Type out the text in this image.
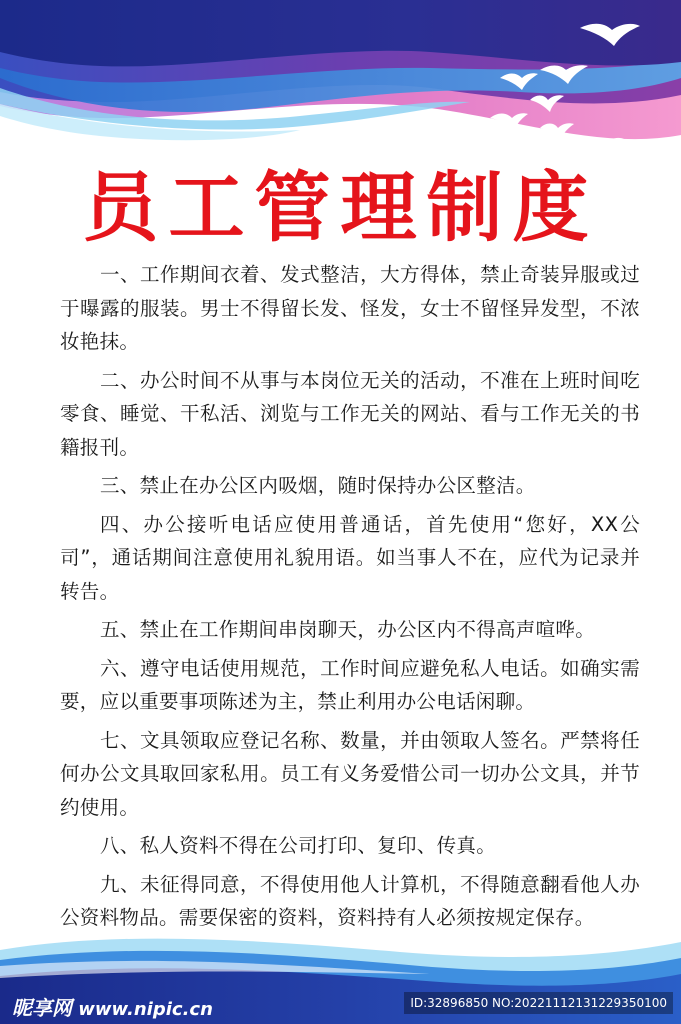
员工管理制度

一、工作期间衣着、发式整洁，大方得体，禁止奇装异服或过于曝露的服装。男士不得留长发、怪发，女士不留怪异发型，不浓妆艳抹。

二、办公时间不从事与本岗位无关的活动，不准在上班时间吃零食、睡觉、干私活、浏览与工作无关的网站、看与工作无关的书籍报刊。

三、禁止在办公区内吸烟，随时保持办公区整洁。

四、办公接听电话应使用普通话，首先使用“您好，XX公司”，通话期间注意使用礼貌用语。如当事人不在，应代为记录并转告。

五、禁止在工作期间串岗聊天，办公区内不得高声喧哗。

六、遵守电话使用规范，工作时间应避免私人电话。如确实需要，应以重要事项陈述为主，禁止利用办公电话闲聊。

七、文具领取应登记名称、数量，并由领取人签名。严禁将任何办公文具取回家私用。员工有义务爱惜公司一切办公文具，并节约使用。

八、私人资料不得在公司打印、复印、传真。

九、未征得同意，不得使用他人计算机，不得随意翻看他人办公资料物品。需要保密的资料，资料持有人必须按规定保存。

昵享网 www.nipic.cn	ID:32896850 NO:20221112131229350100
